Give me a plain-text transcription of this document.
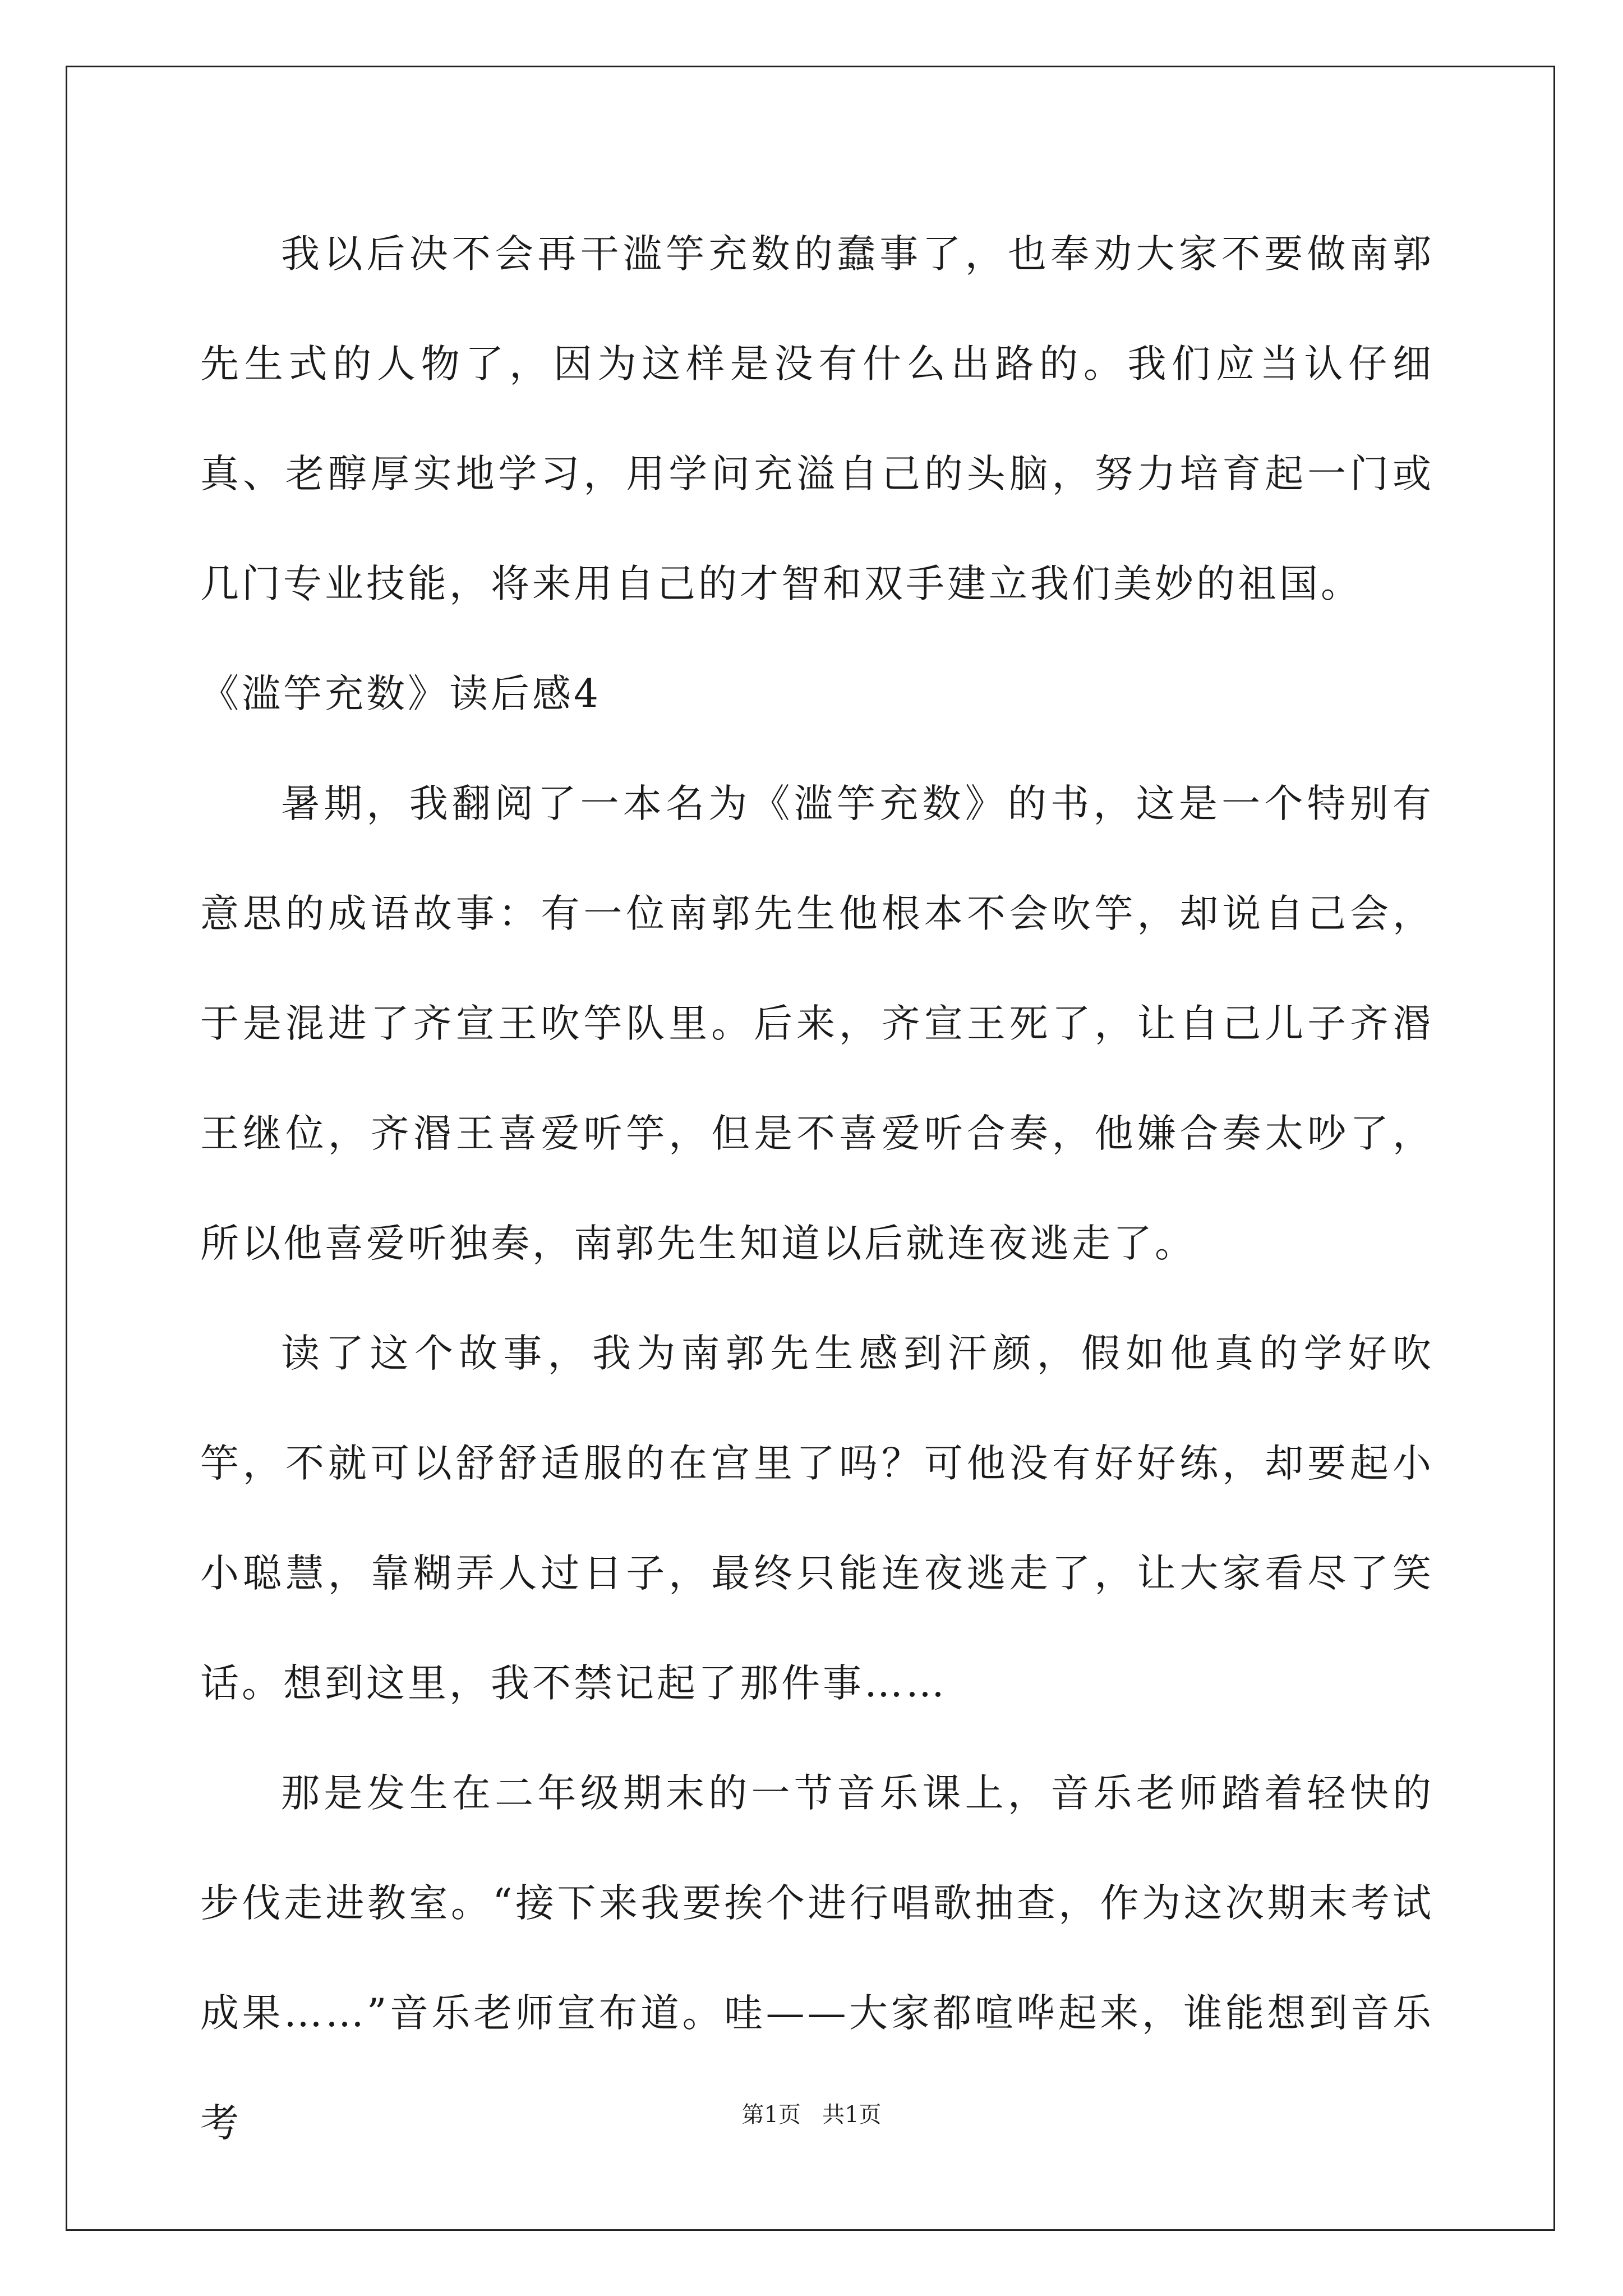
我以后决不会再干滥竽充数的蠢事了，也奉劝大家不要做南郭先生式的人物了，因为这样是没有什么出路的。我们应当认仔细真、老醇厚实地学习，用学问充溢自己的头脑，努力培育起一门或几门专业技能，将来用自己的才智和双手建立我们美妙的祖国。

《滥竽充数》读后感4

暑期，我翻阅了一本名为《滥竽充数》的书，这是一个特别有意思的成语故事：有一位南郭先生他根本不会吹竽，却说自己会，于是混进了齐宣王吹竽队里。后来，齐宣王死了，让自己儿子齐湣王继位，齐湣王喜爱听竽，但是不喜爱听合奏，他嫌合奏太吵了，所以他喜爱听独奏，南郭先生知道以后就连夜逃走了。

读了这个故事，我为南郭先生感到汗颜，假如他真的学好吹竽，不就可以舒舒适服的在宫里了吗？可他没有好好练，却要起小小聪慧，靠糊弄人过日子，最终只能连夜逃走了，让大家看尽了笑话。想到这里，我不禁记起了那件事……

那是发生在二年级期末的一节音乐课上，音乐老师踏着轻快的步伐走进教室。“接下来我要挨个进行唱歌抽查，作为这次期末考试成果……”音乐老师宣布道。哇——大家都喧哗起来，谁能想到音乐考	第1页 共1页
